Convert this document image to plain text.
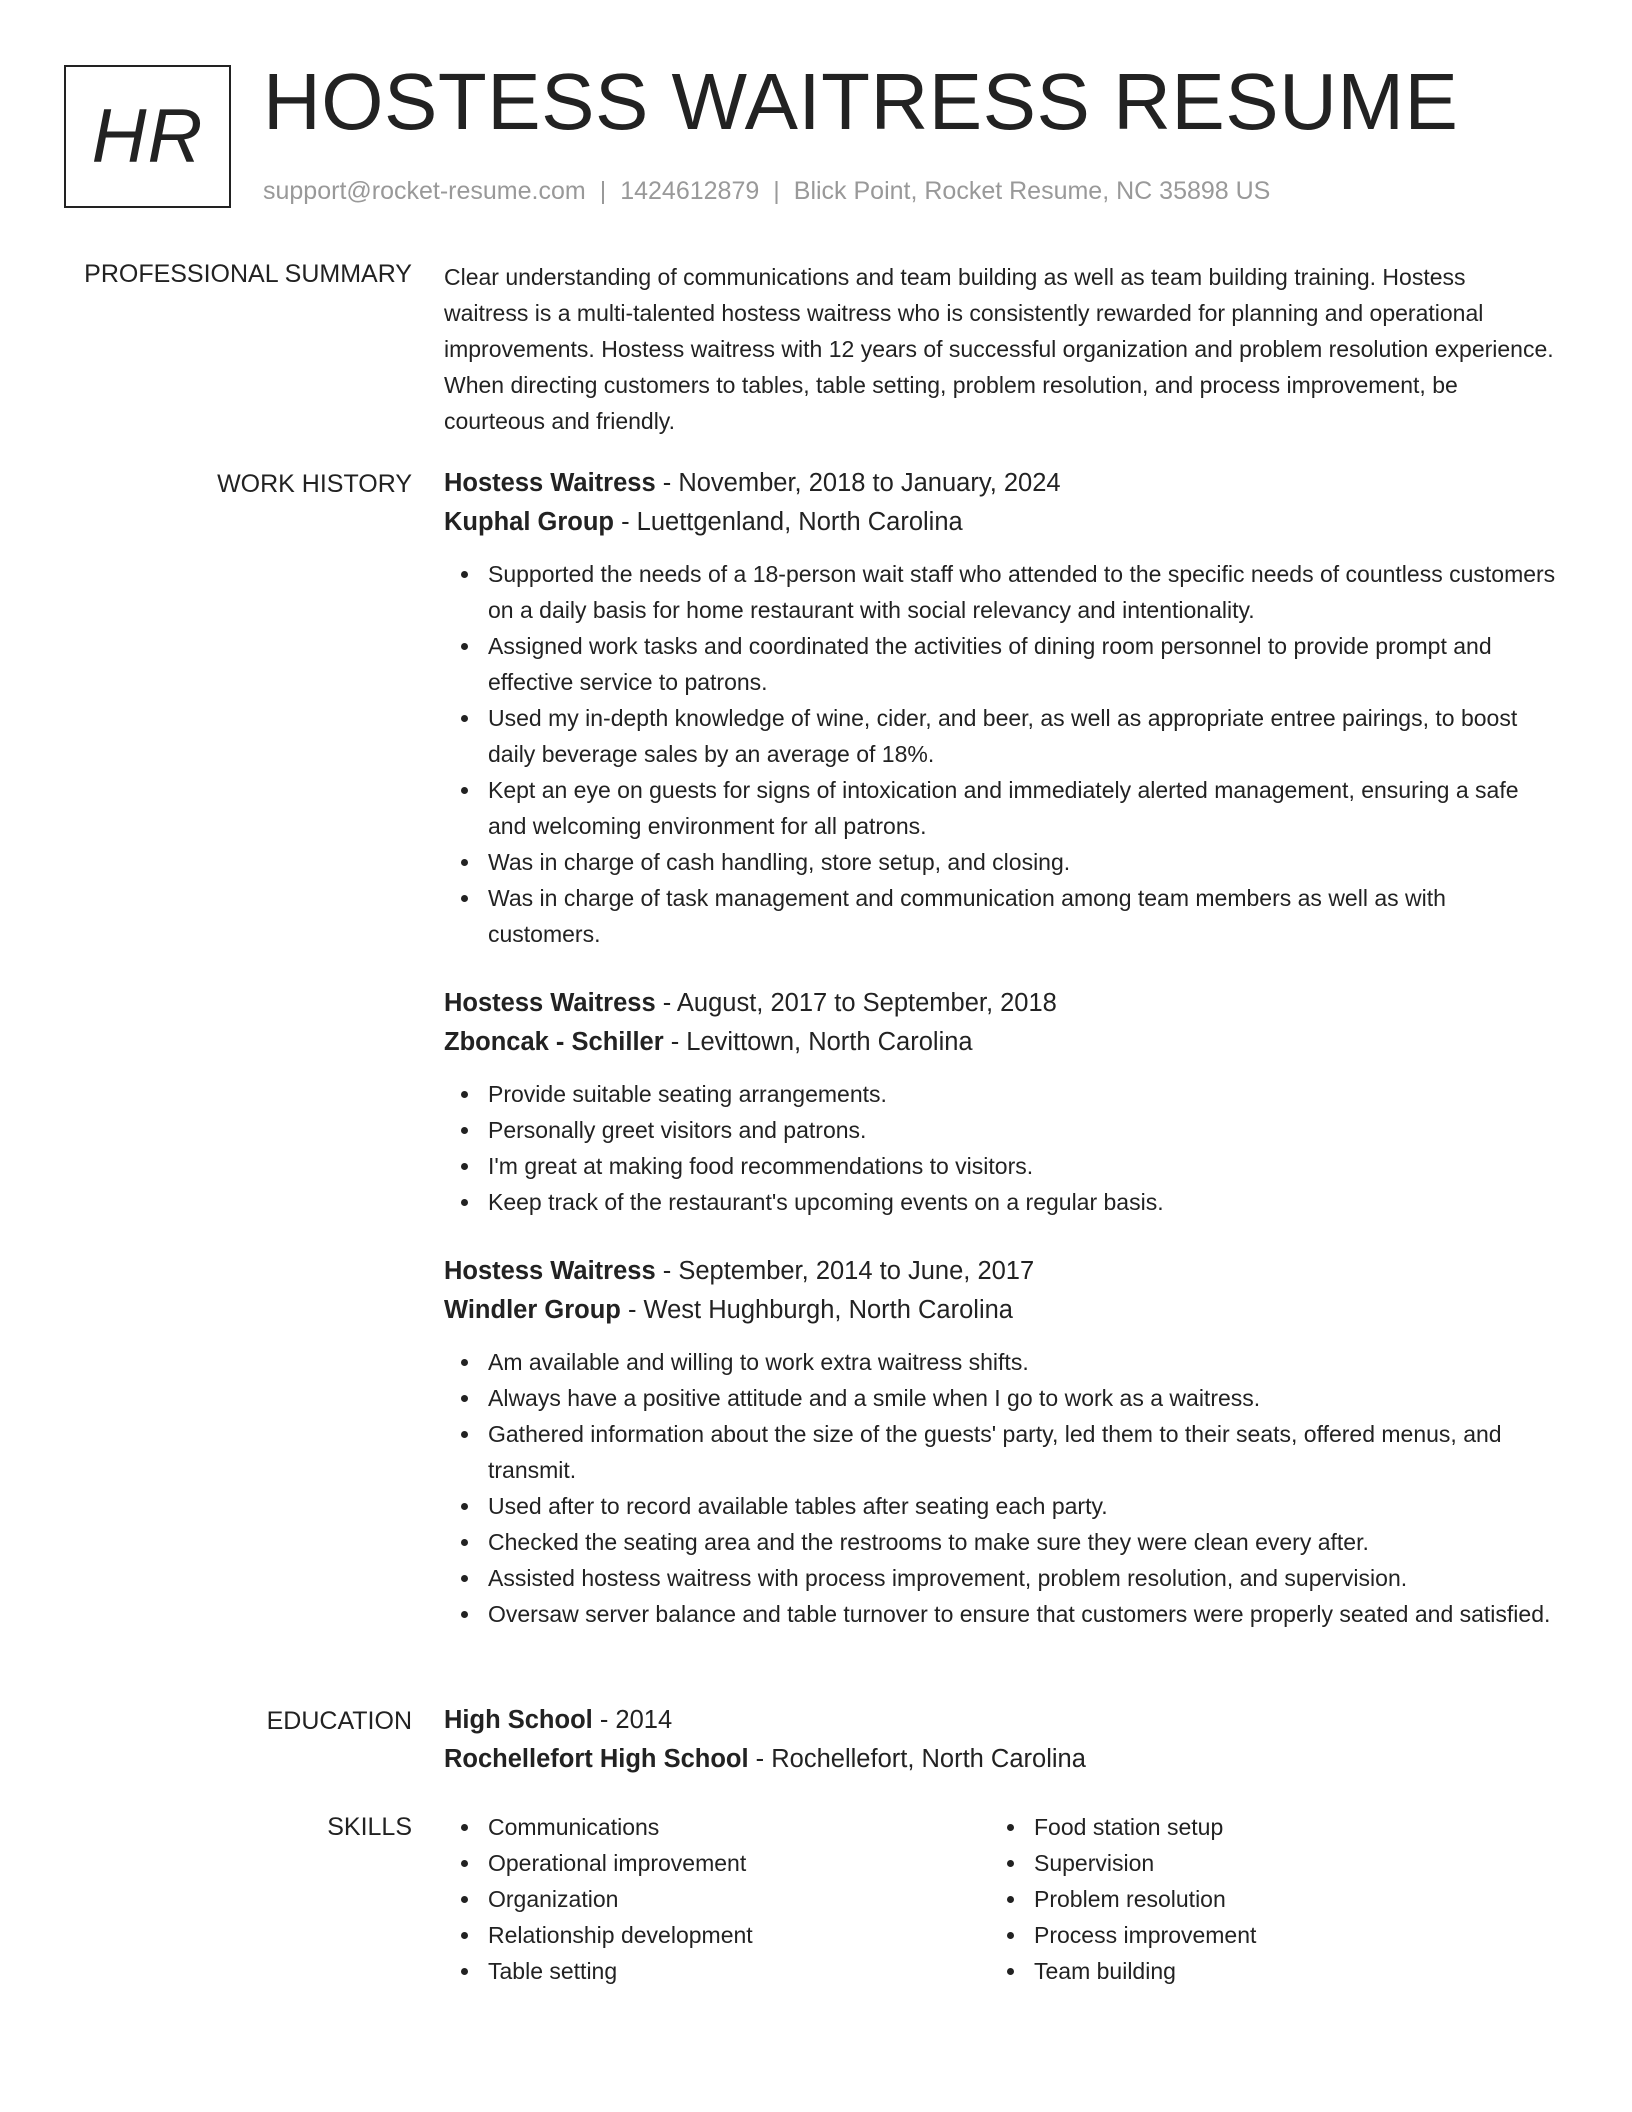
HR HOSTESS WAITRESS RESUME
support@rocket-resume.com | 1424612879 | Blick Point, Rocket Resume, NC 35898 US
PROFESSIONAL SUMMARY Clear understanding of communications and team building as well as team building training. Hostess waitress is a multi-talented hostess waitress who is consistently rewarded for planning and operational improvements. Hostess waitress with 12 years of successful organization and problem resolution experience. When directing customers to tables, table setting, problem resolution, and process improvement, be courteous and friendly.

WORK HISTORY Hostess Waitress - November, 2018 to January, 2024
Kuphal Group - Luettgenland, North Carolina
Supported the needs of a 18-person wait staff who attended to the specific needs of countless customers on a daily basis for home restaurant with social relevancy and intentionality.
Assigned work tasks and coordinated the activities of dining room personnel to provide prompt and effective service to patrons.
Used my in-depth knowledge of wine, cider, and beer, as well as appropriate entree pairings, to boost daily beverage sales by an average of 18%.
Kept an eye on guests for signs of intoxication and immediately alerted management, ensuring a safe and welcoming environment for all patrons.
Was in charge of cash handling, store setup, and closing.
Was in charge of task management and communication among team members as well as with customers.
Hostess Waitress - August, 2017 to September, 2018
Zboncak - Schiller - Levittown, North Carolina
Provide suitable seating arrangements.
Personally greet visitors and patrons.
I'm great at making food recommendations to visitors.
Keep track of the restaurant's upcoming events on a regular basis.
Hostess Waitress - September, 2014 to June, 2017
Windler Group - West Hughburgh, North Carolina
Am available and willing to work extra waitress shifts.
Always have a positive attitude and a smile when I go to work as a waitress.
Gathered information about the size of the guests' party, led them to their seats, offered menus, and transmit.
Used after to record available tables after seating each party.
Checked the seating area and the restrooms to make sure they were clean every after.
Assisted hostess waitress with process improvement, problem resolution, and supervision.
Oversaw server balance and table turnover to ensure that customers were properly seated and satisfied.
EDUCATION High School - 2014
Rochellefort High School - Rochellefort, North Carolina
SKILLS	Communications
Operational improvement
Organization
Relationship development
Table setting
Food station setup
Supervision
Problem resolution
Process improvement
Team building
